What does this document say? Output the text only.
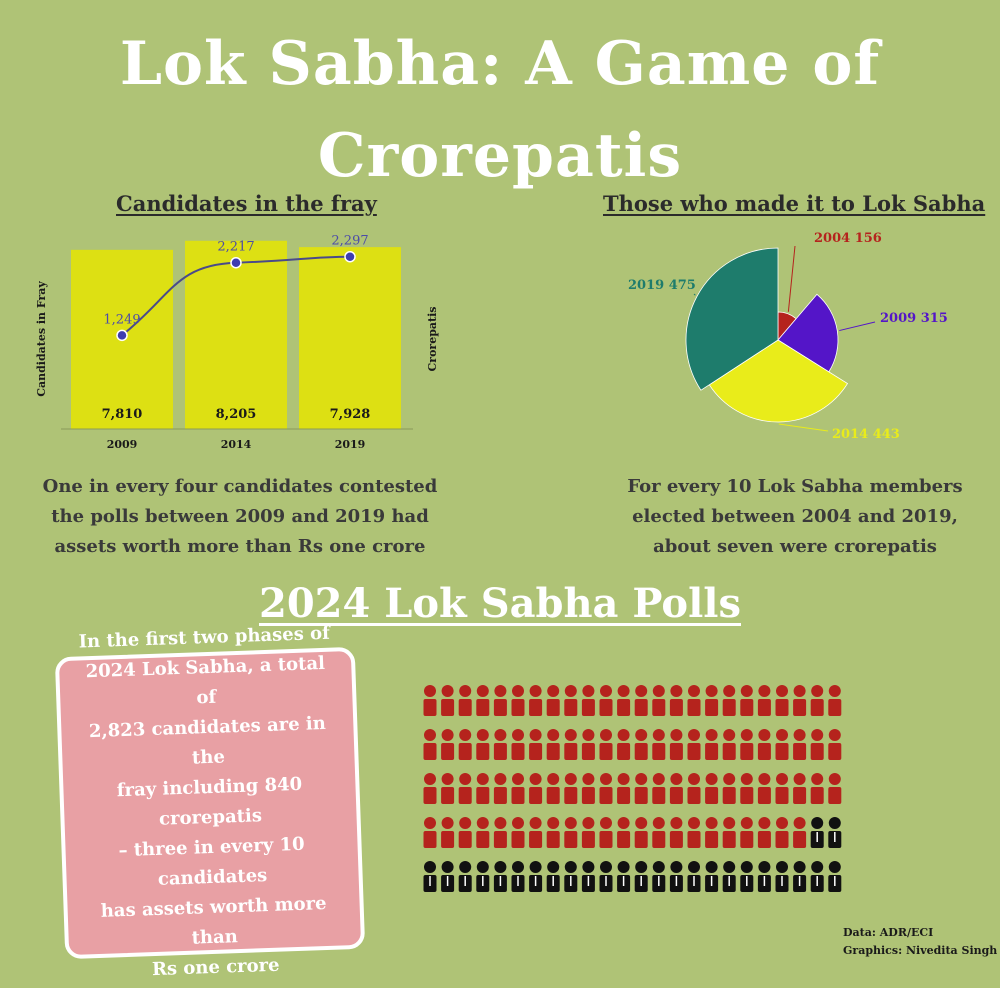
Lok Sabha: A Game of
Crorepatis
Candidates in the fray	Those who made it to Lok Sabha
7,810
2009
8,205
2014
7,928
2019
1,249
2,217	2,297
Candidates in Fray	Crorepatis
2004 156
2009 315
2014 443
2019 475
One in every four candidates contested
the polls between 2009 and 2019 had
assets worth more than Rs one crore
For every 10 Lok Sabha members
elected between 2004 and 2019,
about seven were crorepatis
2024 Lok Sabha Polls
In the first two phases of
2024 Lok Sabha, a total of
2,823 candidates are in the
fray including 840 crorepatis
– three in every 10 candidates
has assets worth more than
Rs one crore
Data: ADR/ECI
Graphics: Nivedita Singh
